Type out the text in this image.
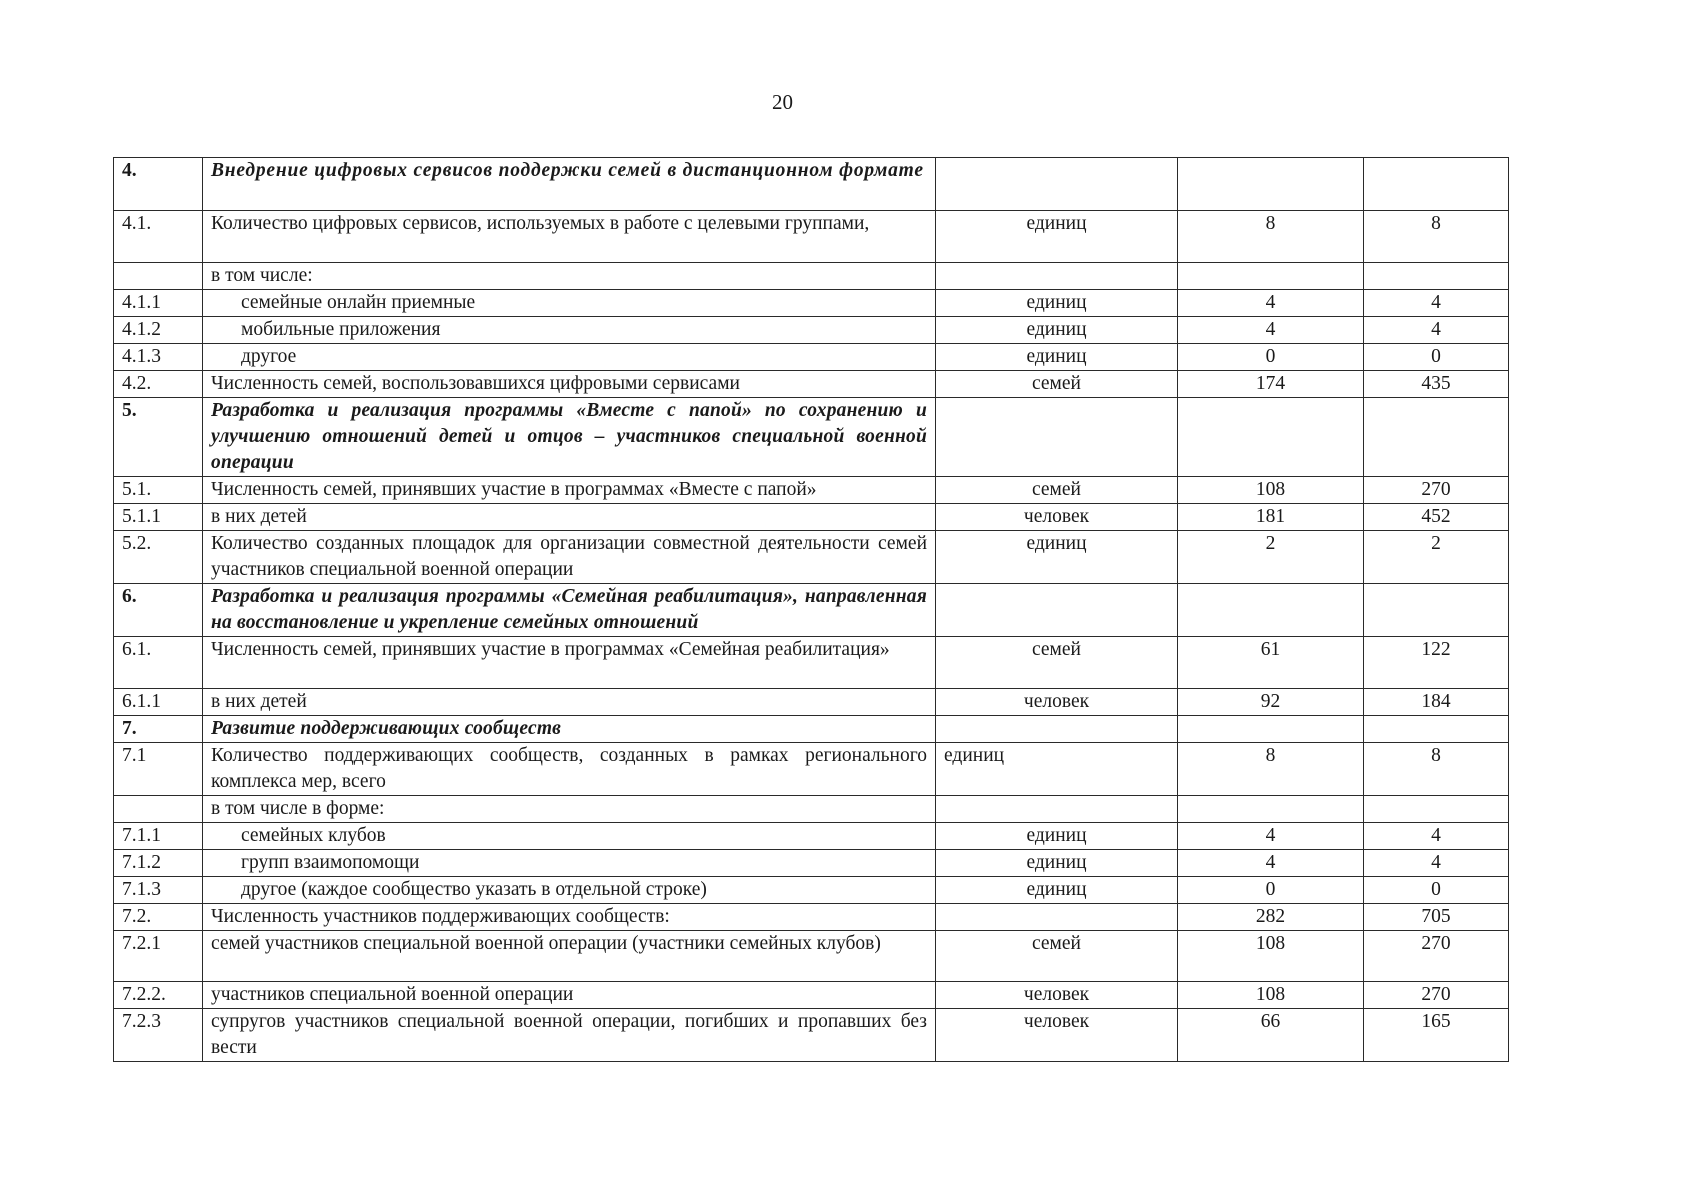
20
4.	Внедрение цифровых сервисов поддержки семей в дистанционном формате			
4.1.	Количество цифровых сервисов, используемых в работе с целевыми группами,	единиц	8	8
	в том числе:			
4.1.1	семейные онлайн приемные	единиц	4	4
4.1.2	мобильные приложения	единиц	4	4
4.1.3	другое	единиц	0	0
4.2.	Численность семей, воспользовавшихся цифровыми сервисами	семей	174	435
5.	Разработка и реализация программы «Вместе с папой» по сохранению и улучшению отношений детей и отцов – участников специальной военной операции			
5.1.	Численность семей, принявших участие в программах «Вместе с папой»	семей	108	270
5.1.1	в них детей	человек	181	452
5.2.	Количество созданных площадок для организации совместной деятельности семей участников специальной военной операции	единиц	2	2
6.	Разработка и реализация программы «Семейная реабилитация», направленная на восстановление и укрепление семейных отношений			
6.1.	Численность семей, принявших участие в программах «Семейная реабилитация»	семей	61	122
6.1.1	в них детей	человек	92	184
7.	Развитие поддерживающих сообществ			
7.1	Количество поддерживающих сообществ, созданных в рамках регионального комплекса мер, всего	единиц	8	8
	в том числе в форме:			
7.1.1	семейных клубов	единиц	4	4
7.1.2	групп взаимопомощи	единиц	4	4
7.1.3	другое (каждое сообщество указать в отдельной строке)	единиц	0	0
7.2.	Численность участников поддерживающих сообществ:		282	705
7.2.1	семей участников специальной военной операции (участники семейных клубов)	семей	108	270
7.2.2.	участников специальной военной операции	человек	108	270
7.2.3	супругов участников специальной военной операции, погибших и пропавших без вести	человек	66	165
